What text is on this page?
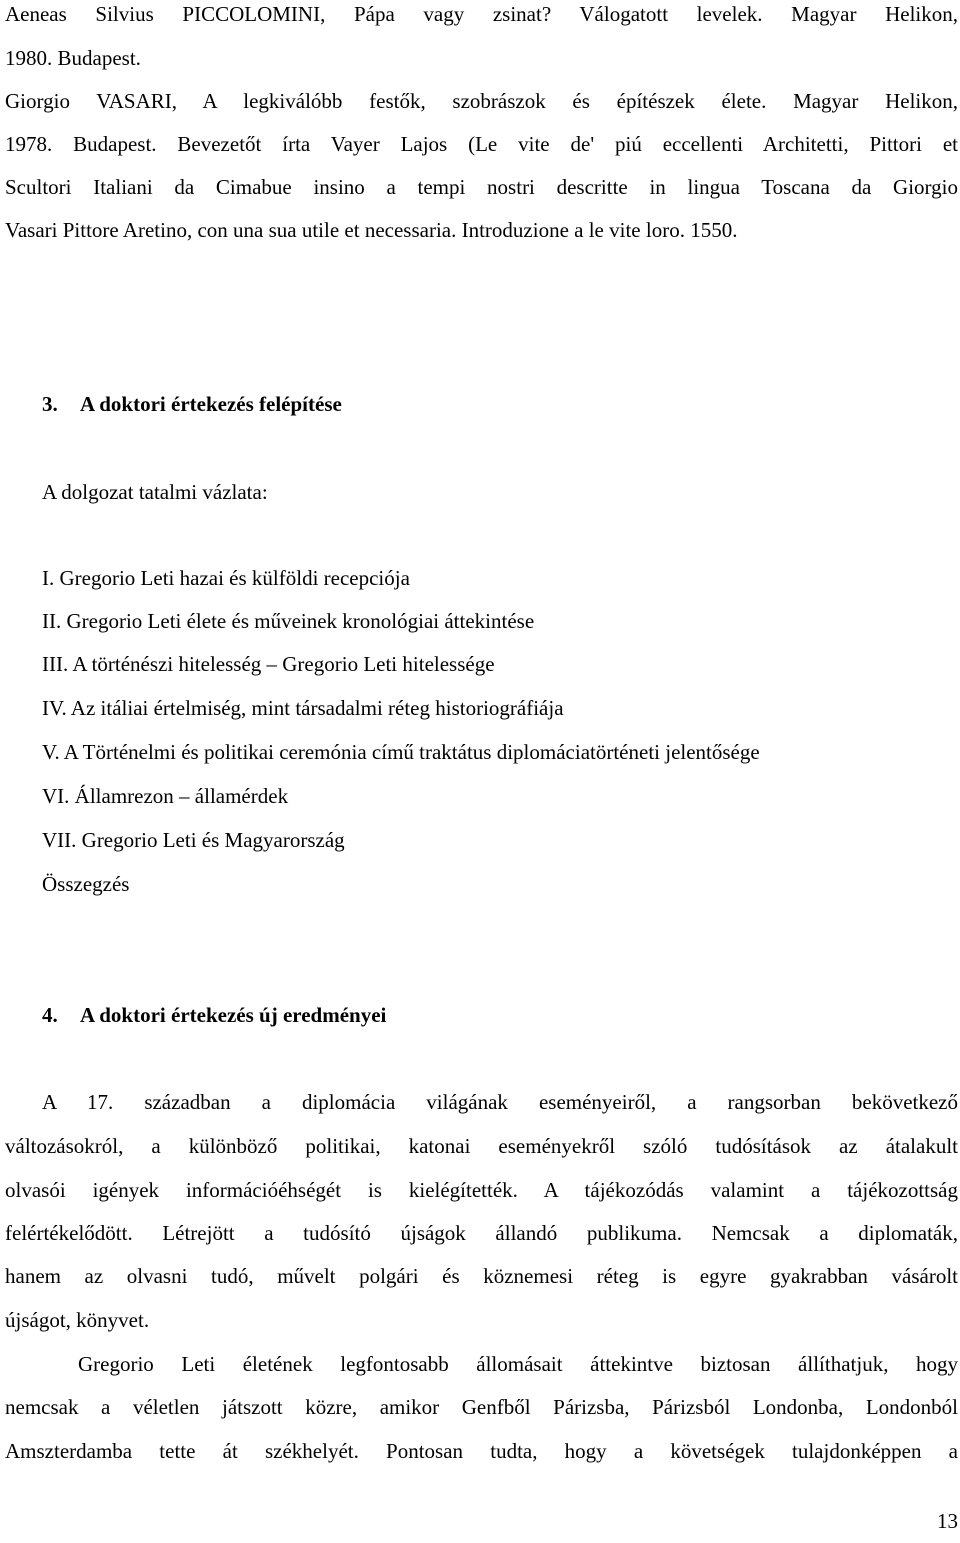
Aeneas Silvius PICCOLOMINI, Pápa vagy zsinat? Válogatott levelek. Magyar Helikon,

1980. Budapest.

Giorgio VASARI, A legkiválóbb festők, szobrászok és építészek élete. Magyar Helikon,

1978. Budapest. Bevezetőt írta Vayer Lajos (Le vite de' piú eccellenti Architetti, Pittori et

Scultori Italiani da Cimabue insino a tempi nostri descritte in lingua Toscana da Giorgio

Vasari Pittore Aretino, con una sua utile et necessaria. Introduzione a le vite loro. 1550.

3. A doktori értekezés felépítése

A dolgozat tatalmi vázlata:

I. Gregorio Leti hazai és külföldi recepciója
II. Gregorio Leti élete és műveinek kronológiai áttekintése
III. A történészi hitelesség – Gregorio Leti hitelessége
IV. Az itáliai értelmiség, mint társadalmi réteg historiográfiája
V. A Történelmi és politikai ceremónia című traktátus diplomáciatörténeti jelentősége
VI. Államrezon – államérdek
VII. Gregorio Leti és Magyarország
Összegzés
4. A doktori értekezés új eredményei

A 17. században a diplomácia világának eseményeiről, a rangsorban bekövetkező

változásokról, a különböző politikai, katonai eseményekről szóló tudósítások az átalakult

olvasói igények információéhségét is kielégítették. A tájékozódás valamint a tájékozottság

felértékelődött. Létrejött a tudósító újságok állandó publikuma. Nemcsak a diplomaták,

hanem az olvasni tudó, művelt polgári és köznemesi réteg is egyre gyakrabban vásárolt

újságot, könyvet.

Gregorio Leti életének legfontosabb állomásait áttekintve biztosan állíthatjuk, hogy

nemcsak a véletlen játszott közre, amikor Genfből Párizsba, Párizsból Londonba, Londonból

Amszterdamba tette át székhelyét. Pontosan tudta, hogy a követségek tulajdonképpen a

13
